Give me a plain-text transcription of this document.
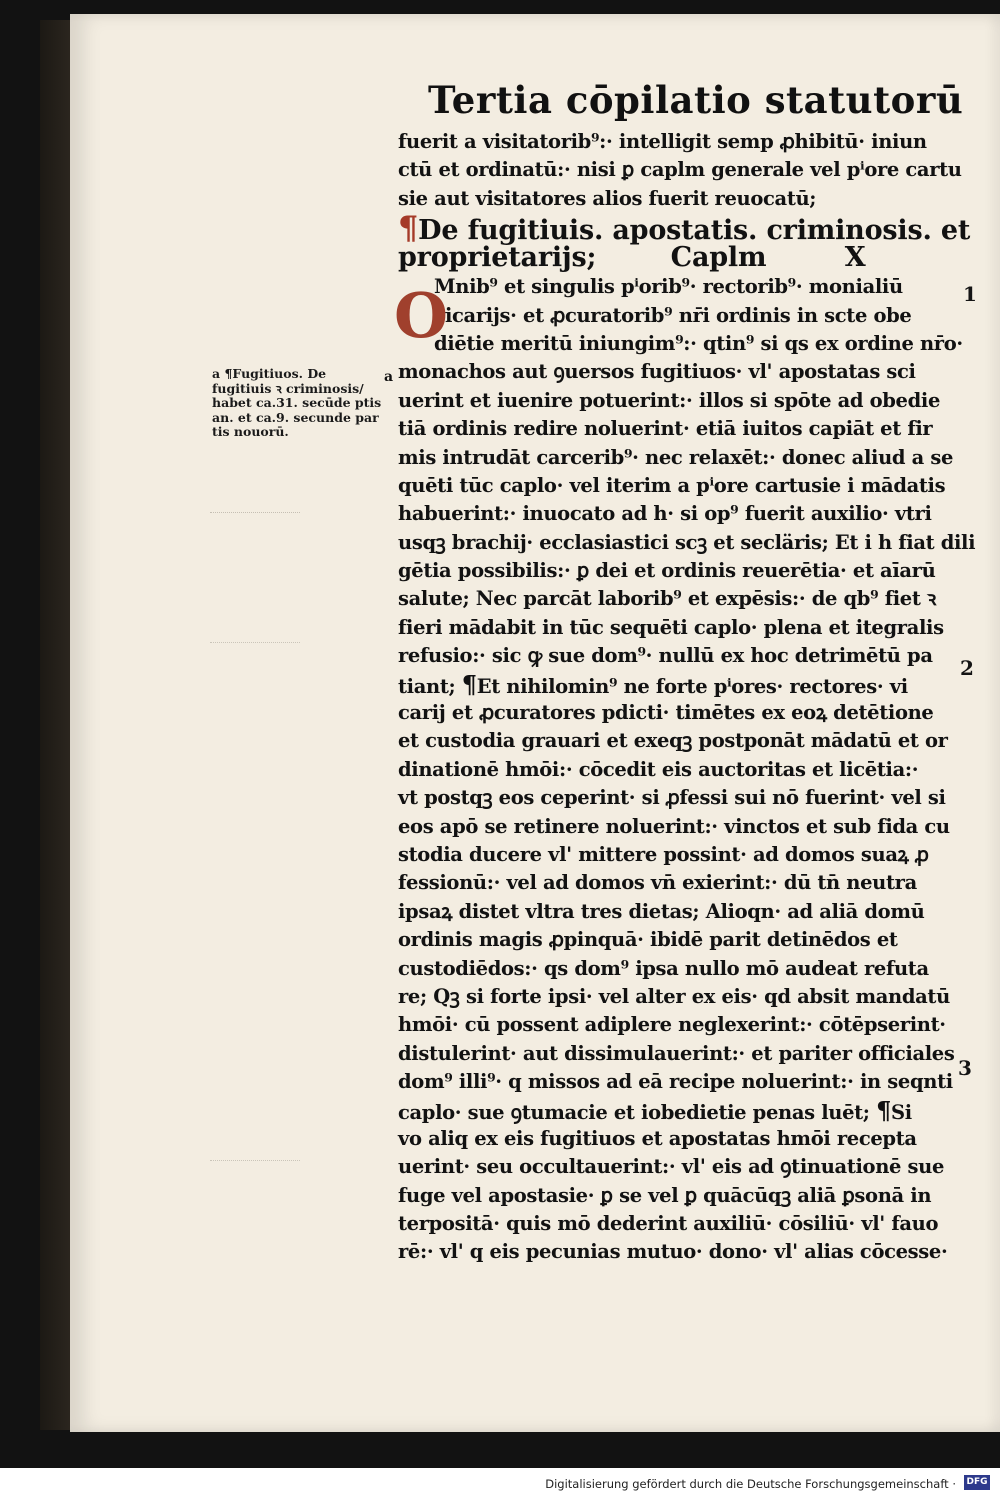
Tertia cōpilatio statutorū
a
a ¶Fugitiuos. De fugitiuis ꝛ criminosis/ habet ca.31. secūde ptis an. et ca.9. secunde par tis nouorū.
fuerit a visitatorib⁹:· intelligit semp ꝓhibitū· iniun
ctū et ordinatū:· nisi ꝑ caplm generale vel pⁱore cartu
sie aut visitatores alios fuerit reuocatū;
¶De fugitiuis. apostatis. criminosis. et
proprietarijs;	Caplm	X
O
Mnib⁹ et singulis pⁱorib⁹· rectorib⁹· monialiū
vicarijs· et ꝓcuratorib⁹ nr̄i ordinis in scte obe
diētie meritū iniungim⁹:· qtin⁹ si qs ex ordine nr̄o·
monachos aut ꝯuersos fugitiuos· vl' apostatas sci
uerint et iuenire potuerint:· illos si spōte ad obedie
tiā ordinis redire noluerint· etiā iuitos capiāt et fir
mis intrudāt carcerib⁹· nec relaxēt:· donec aliud a se
quēti tūc caplo· vel iterim a pⁱore cartusie i mādatis
habuerint:· inuocato ad h· si op⁹ fuerit auxilio· vtri
usqꝫ brachij· ecclasiastici scꝫ et secläris; Et i h fiat dili
gētia possibilis:· ꝑ dei et ordinis reuerētia· et aīarū
salute; Nec parcāt laborib⁹ et expēsis:· de qb⁹ fiet ꝛ
fieri mādabit in tūc sequēti caplo· plena et itegralis
refusio:· sic ꝙ sue dom⁹· nullū ex hoc detrimētū pa
tiant; ¶Et nihilomin⁹ ne forte pⁱores· rectores· vi
carij et ꝓcuratores pdicti· timētes ex eoꝝ detētione
et custodia grauari et exeqꝫ postponāt mādatū et or
dinationē hmōi:· cōcedit eis auctoritas et licētia:·
vt postqꝫ eos ceperint· si ꝓfessi sui nō fuerint· vel si
eos apō se retinere noluerint:· vinctos et sub fida cu
stodia ducere vl' mittere possint· ad domos suaꝝ ꝓ
fessionū:· vel ad domos vn̄ exierint:· dū tn̄ neutra
ipsaꝝ distet vltra tres dietas; Alioqn· ad aliā domū
ordinis magis ꝓpinquā· ibidē parit detinēdos et
custodiēdos:· qs dom⁹ ipsa nullo mō audeat refuta
re; Qꝫ si forte ipsi· vel alter ex eis· qd absit mandatū
hmōi· cū possent adiplere neglexerint:· cōtēpserint·
distulerint· aut dissimulauerint:· et pariter officiales
dom⁹ illi⁹· q missos ad eā recipe noluerint:· in seqnti
caplo· sue ꝯtumacie et iobedietie penas luēt; ¶Si
vo aliq ex eis fugitiuos et apostatas hmōi recepta
uerint· seu occultauerint:· vl' eis ad ꝯtinuationē sue
fuge vel apostasie· ꝑ se vel ꝑ quācūqꝫ aliā ꝑsonā in
terpositā· quis mō dederint auxiliū· cōsiliū· vl' fauo
rē:· vl' q eis pecunias mutuo· dono· vl' alias cōcesse·
1
2
3
Digitalisierung gefördert durch die Deutsche Forschungsgemeinschaft · DFG
